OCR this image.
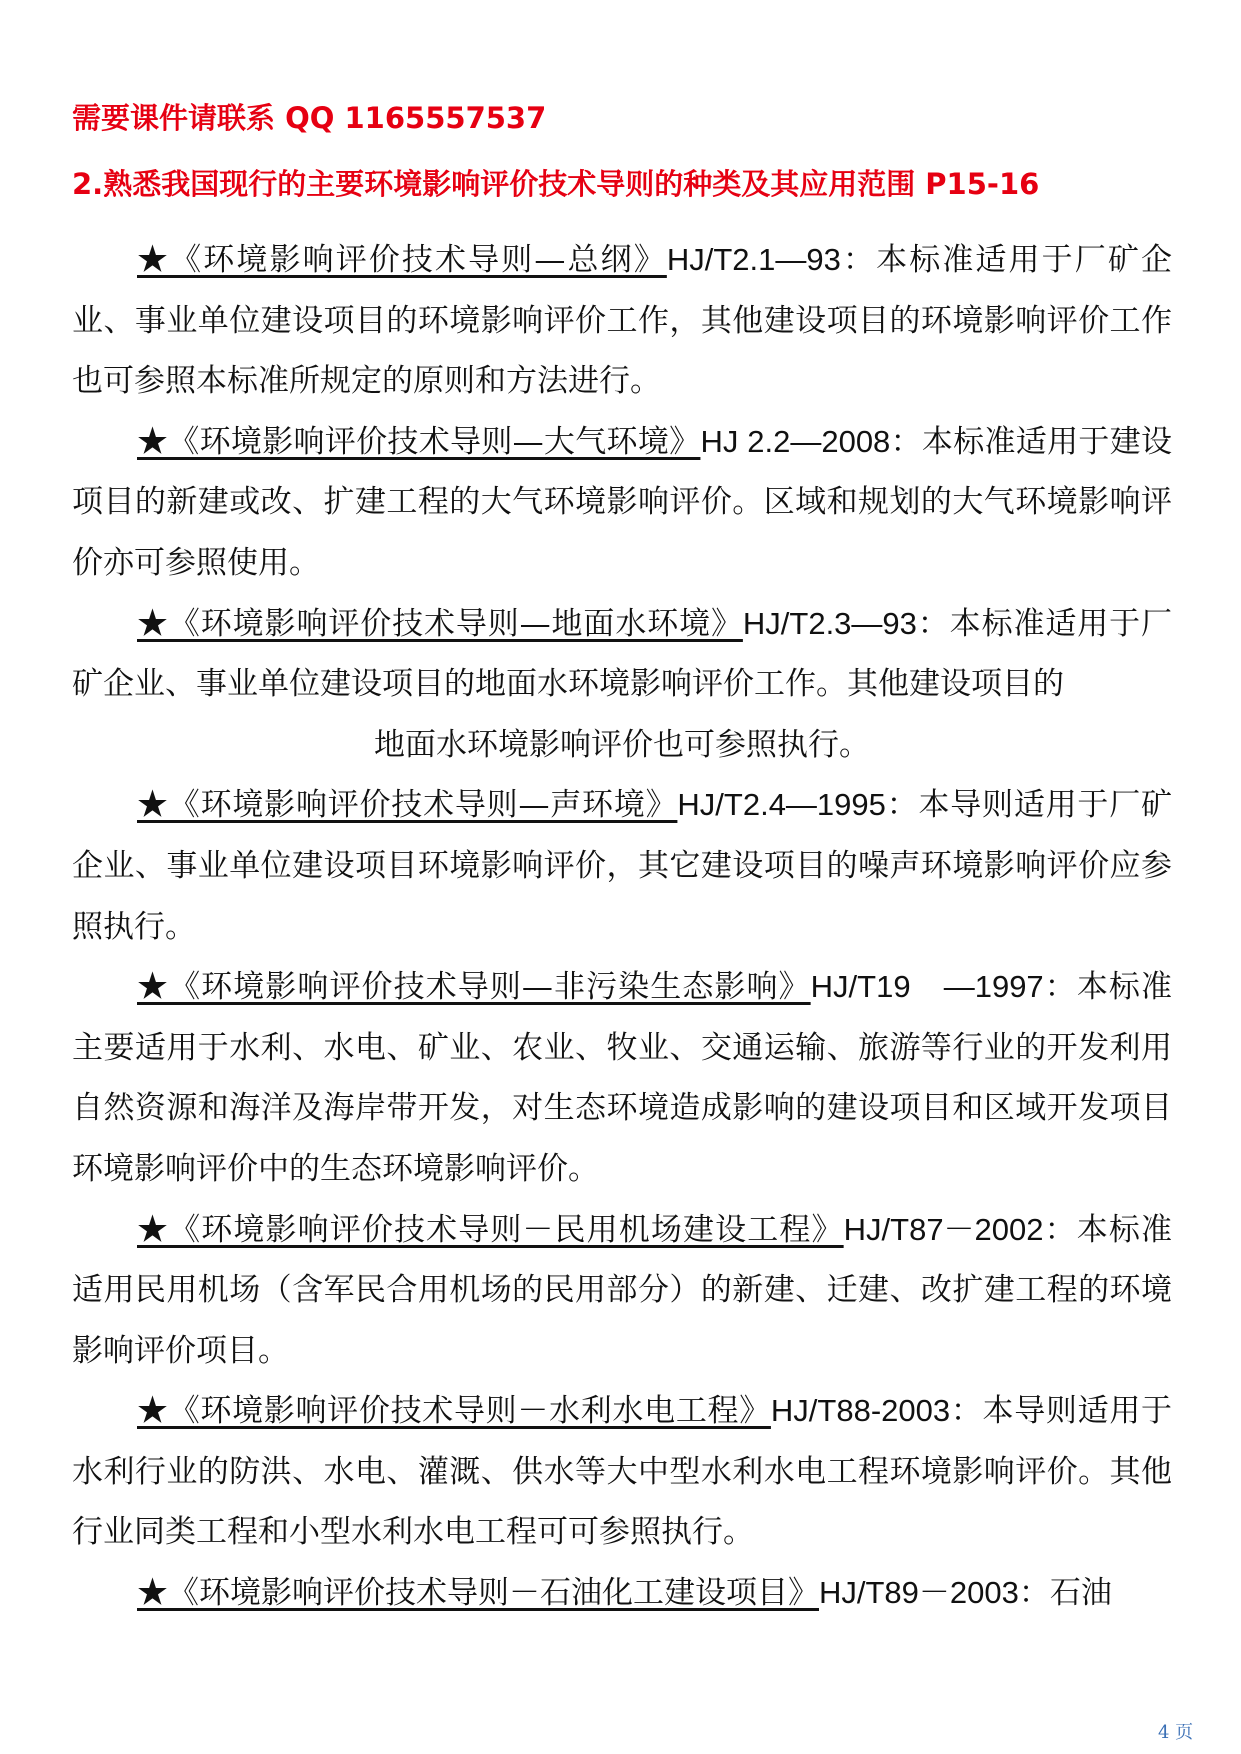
需要课件请联系 QQ 1165557537
2.熟悉我国现行的主要环境影响评价技术导则的种类及其应用范围 P15-16

★《环境影响评价技术导则—总纲》HJ/T2.1—93：本标准适用于厂矿企业、事业单位建设项目的环境影响评价工作，其他建设项目的环境影响评价工作也可参照本标准所规定的原则和方法进行。

★《环境影响评价技术导则—大气环境》HJ 2.2—2008：本标准适用于建设项目的新建或改、扩建工程的大气环境影响评价。区域和规划的大气环境影响评价亦可参照使用。

★《环境影响评价技术导则—地面水环境》HJ/T2.3—93：本标准适用于厂矿企业、事业单位建设项目的地面水环境影响评价工作。其他建设项目的

地面水环境影响评价也可参照执行。

★《环境影响评价技术导则—声环境》HJ/T2.4—1995：本导则适用于厂矿企业、事业单位建设项目环境影响评价，其它建设项目的噪声环境影响评价应参照执行。

★《环境影响评价技术导则—非污染生态影响》HJ/T19　—1997：本标准主要适用于水利、水电、矿业、农业、牧业、交通运输、旅游等行业的开发利用自然资源和海洋及海岸带开发，对生态环境造成影响的建设项目和区域开发项目环境影响评价中的生态环境影响评价。

★《环境影响评价技术导则－民用机场建设工程》HJ/T87－2002：本标准适用民用机场（含军民合用机场的民用部分）的新建、迁建、改扩建工程的环境影响评价项目。

★《环境影响评价技术导则－水利水电工程》HJ/T88-2003：本导则适用于水利行业的防洪、水电、灌溉、供水等大中型水利水电工程环境影响评价。其他行业同类工程和小型水利水电工程可可参照执行。

★《环境影响评价技术导则－石油化工建设项目》HJ/T89－2003：石油

4 页
